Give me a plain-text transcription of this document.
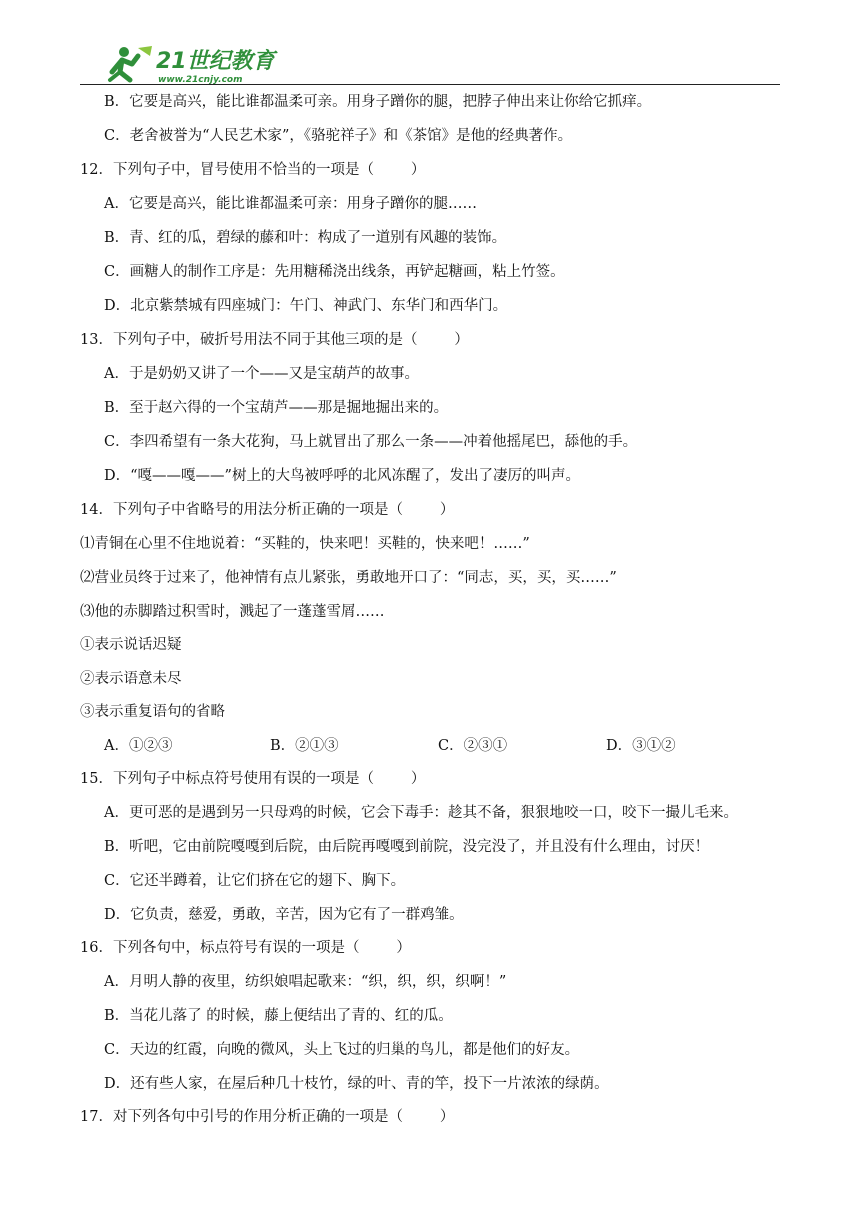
21世纪教育
www.21cnjy.com
B．它要是高兴，能比谁都温柔可亲。用身子蹭你的腿，把脖子伸出来让你给它抓痒。
C．老舍被誉为“人民艺术家”，《骆驼祥子》和《茶馆》是他的经典著作。
12．下列句子中，冒号使用不恰当的一项是（        ）
A．它要是高兴，能比谁都温柔可亲：用身子蹭你的腿……
B．青、红的瓜，碧绿的藤和叶：构成了一道别有风趣的装饰。
C．画糖人的制作工序是：先用糖稀浇出线条，再铲起糖画，粘上竹签。
D．北京紫禁城有四座城门：午门、神武门、东华门和西华门。
13．下列句子中，破折号用法不同于其他三项的是（        ）
A．于是奶奶又讲了一个——又是宝葫芦的故事。
B．至于赵六得的一个宝葫芦——那是掘地掘出来的。
C．李四希望有一条大花狗，马上就冒出了那么一条——冲着他摇尾巴，舔他的手。
D．“嘎——嘎——”树上的大鸟被呼呼的北风冻醒了，发出了凄厉的叫声。
14．下列句子中省略号的用法分析正确的一项是（        ）
⑴青铜在心里不住地说着：“买鞋的，快来吧！买鞋的，快来吧！……”
⑵营业员终于过来了，他神情有点儿紧张，勇敢地开口了：“同志，买，买，买……”
⑶他的赤脚踏过积雪时，溅起了一蓬蓬雪屑……
①表示说话迟疑
②表示语意未尽
③表示重复语句的省略
A．①②③	B．②①③	C．②③①	D．③①②
15．下列句子中标点符号使用有误的一项是（        ）
A．更可恶的是遇到另一只母鸡的时候，它会下毒手：趁其不备，狠狠地咬一口，咬下一撮儿毛来。
B．听吧，它由前院嘎嘎到后院，由后院再嘎嘎到前院，没完没了，并且没有什么理由，讨厌！
C．它还半蹲着，让它们挤在它的翅下、胸下。
D．它负责，慈爱，勇敢，辛苦，因为它有了一群鸡雏。
16．下列各句中，标点符号有误的一项是（        ）
A．月明人静的夜里，纺织娘唱起歌来：“织，织，织，织啊！”
B．当花儿落了 的时候，藤上便结出了青的、红的瓜。
C．天边的红霞，向晚的微风，头上飞过的归巢的鸟儿，都是他们的好友。
D．还有些人家，在屋后种几十枝竹，绿的叶、青的竿，投下一片浓浓的绿荫。
17．对下列各句中引号的作用分析正确的一项是（        ）
